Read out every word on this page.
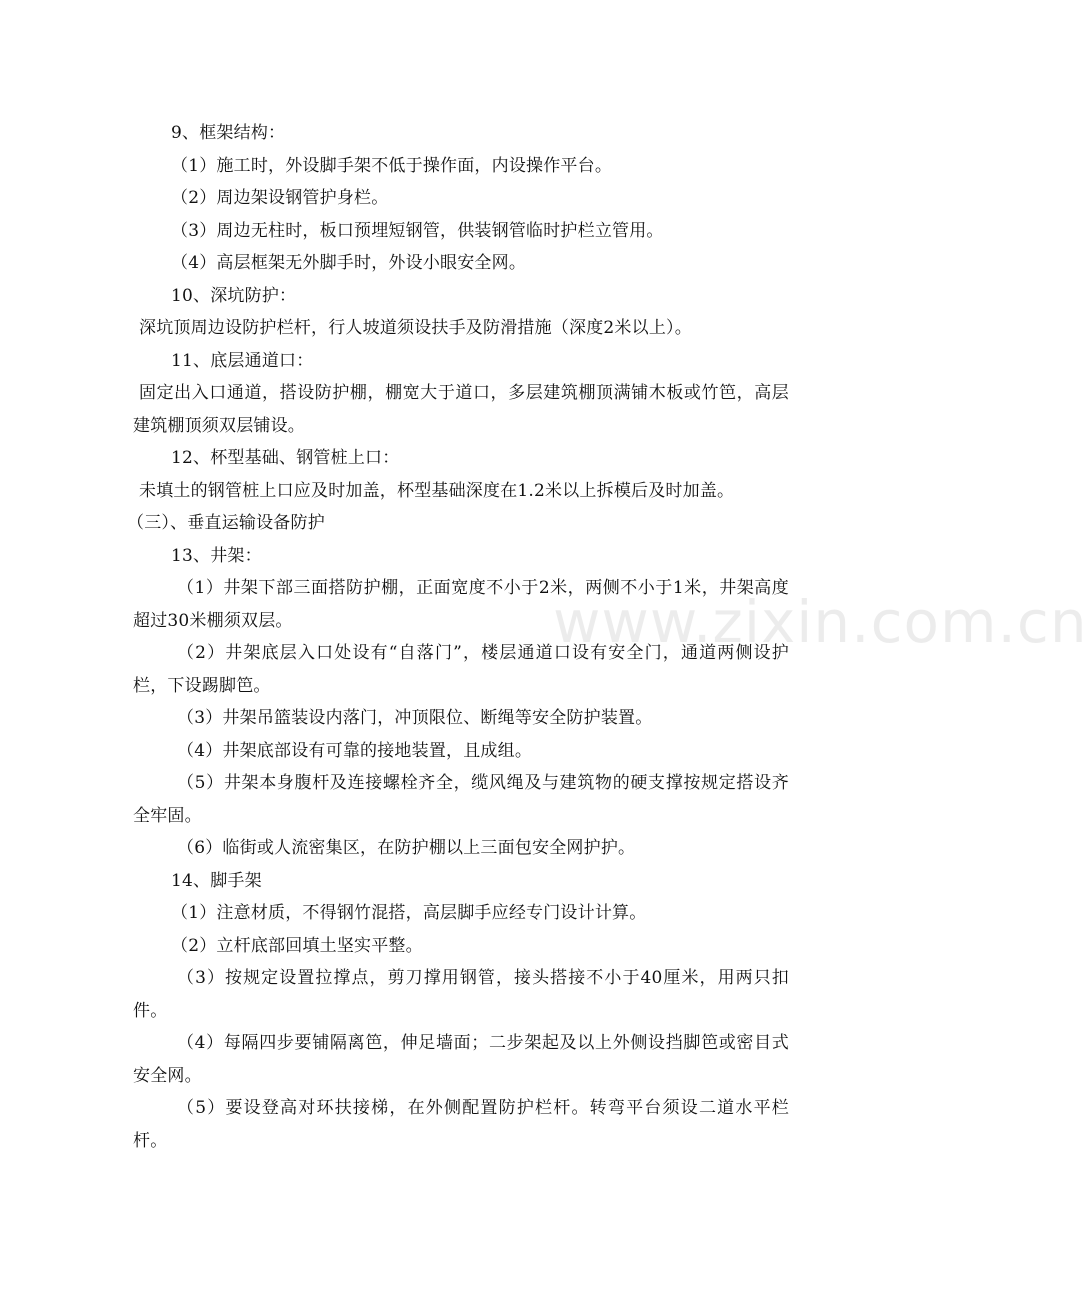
9、框架结构：

（1）施工时，外设脚手架不低于操作面，内设操作平台。

（2）周边架设钢管护身栏。

（3）周边无柱时，板口预埋短钢管，供装钢管临时护栏立管用。

（4）高层框架无外脚手时，外设小眼安全网。

10、深坑防护：

深坑顶周边设防护栏杆，行人坡道须设扶手及防滑措施（深度2米以上）。

11、底层通道口：

固定出入口通道，搭设防护棚，棚宽大于道口，多层建筑棚顶满铺木板或竹笆，高层建筑棚顶须双层铺设。

12、杯型基础、钢管桩上口：

未填土的钢管桩上口应及时加盖，杯型基础深度在1.2米以上拆模后及时加盖。

（三）、垂直运输设备防护

13、井架：

（1）井架下部三面搭防护棚，正面宽度不小于2米，两侧不小于1米，井架高度超过30米棚须双层。

（2）井架底层入口处设有“自落门”，楼层通道口设有安全门，通道两侧设护栏，下设踢脚笆。

（3）井架吊篮装设内落门，冲顶限位、断绳等安全防护装置。

（4）井架底部设有可靠的接地装置，且成组。

（5）井架本身腹杆及连接螺栓齐全，缆风绳及与建筑物的硬支撑按规定搭设齐全牢固。

（6）临街或人流密集区，在防护棚以上三面包安全网护护。

14、脚手架

（1）注意材质，不得钢竹混搭，高层脚手应经专门设计计算。

（2）立杆底部回填土坚实平整。

（3）按规定设置拉撑点，剪刀撑用钢管，接头搭接不小于40厘米，用两只扣件。

（4）每隔四步要铺隔离笆，伸足墙面；二步架起及以上外侧设挡脚笆或密目式安全网。

（5）要设登高对环扶接梯，在外侧配置防护栏杆。转弯平台须设二道水平栏杆。

www.zixin.com.cn
